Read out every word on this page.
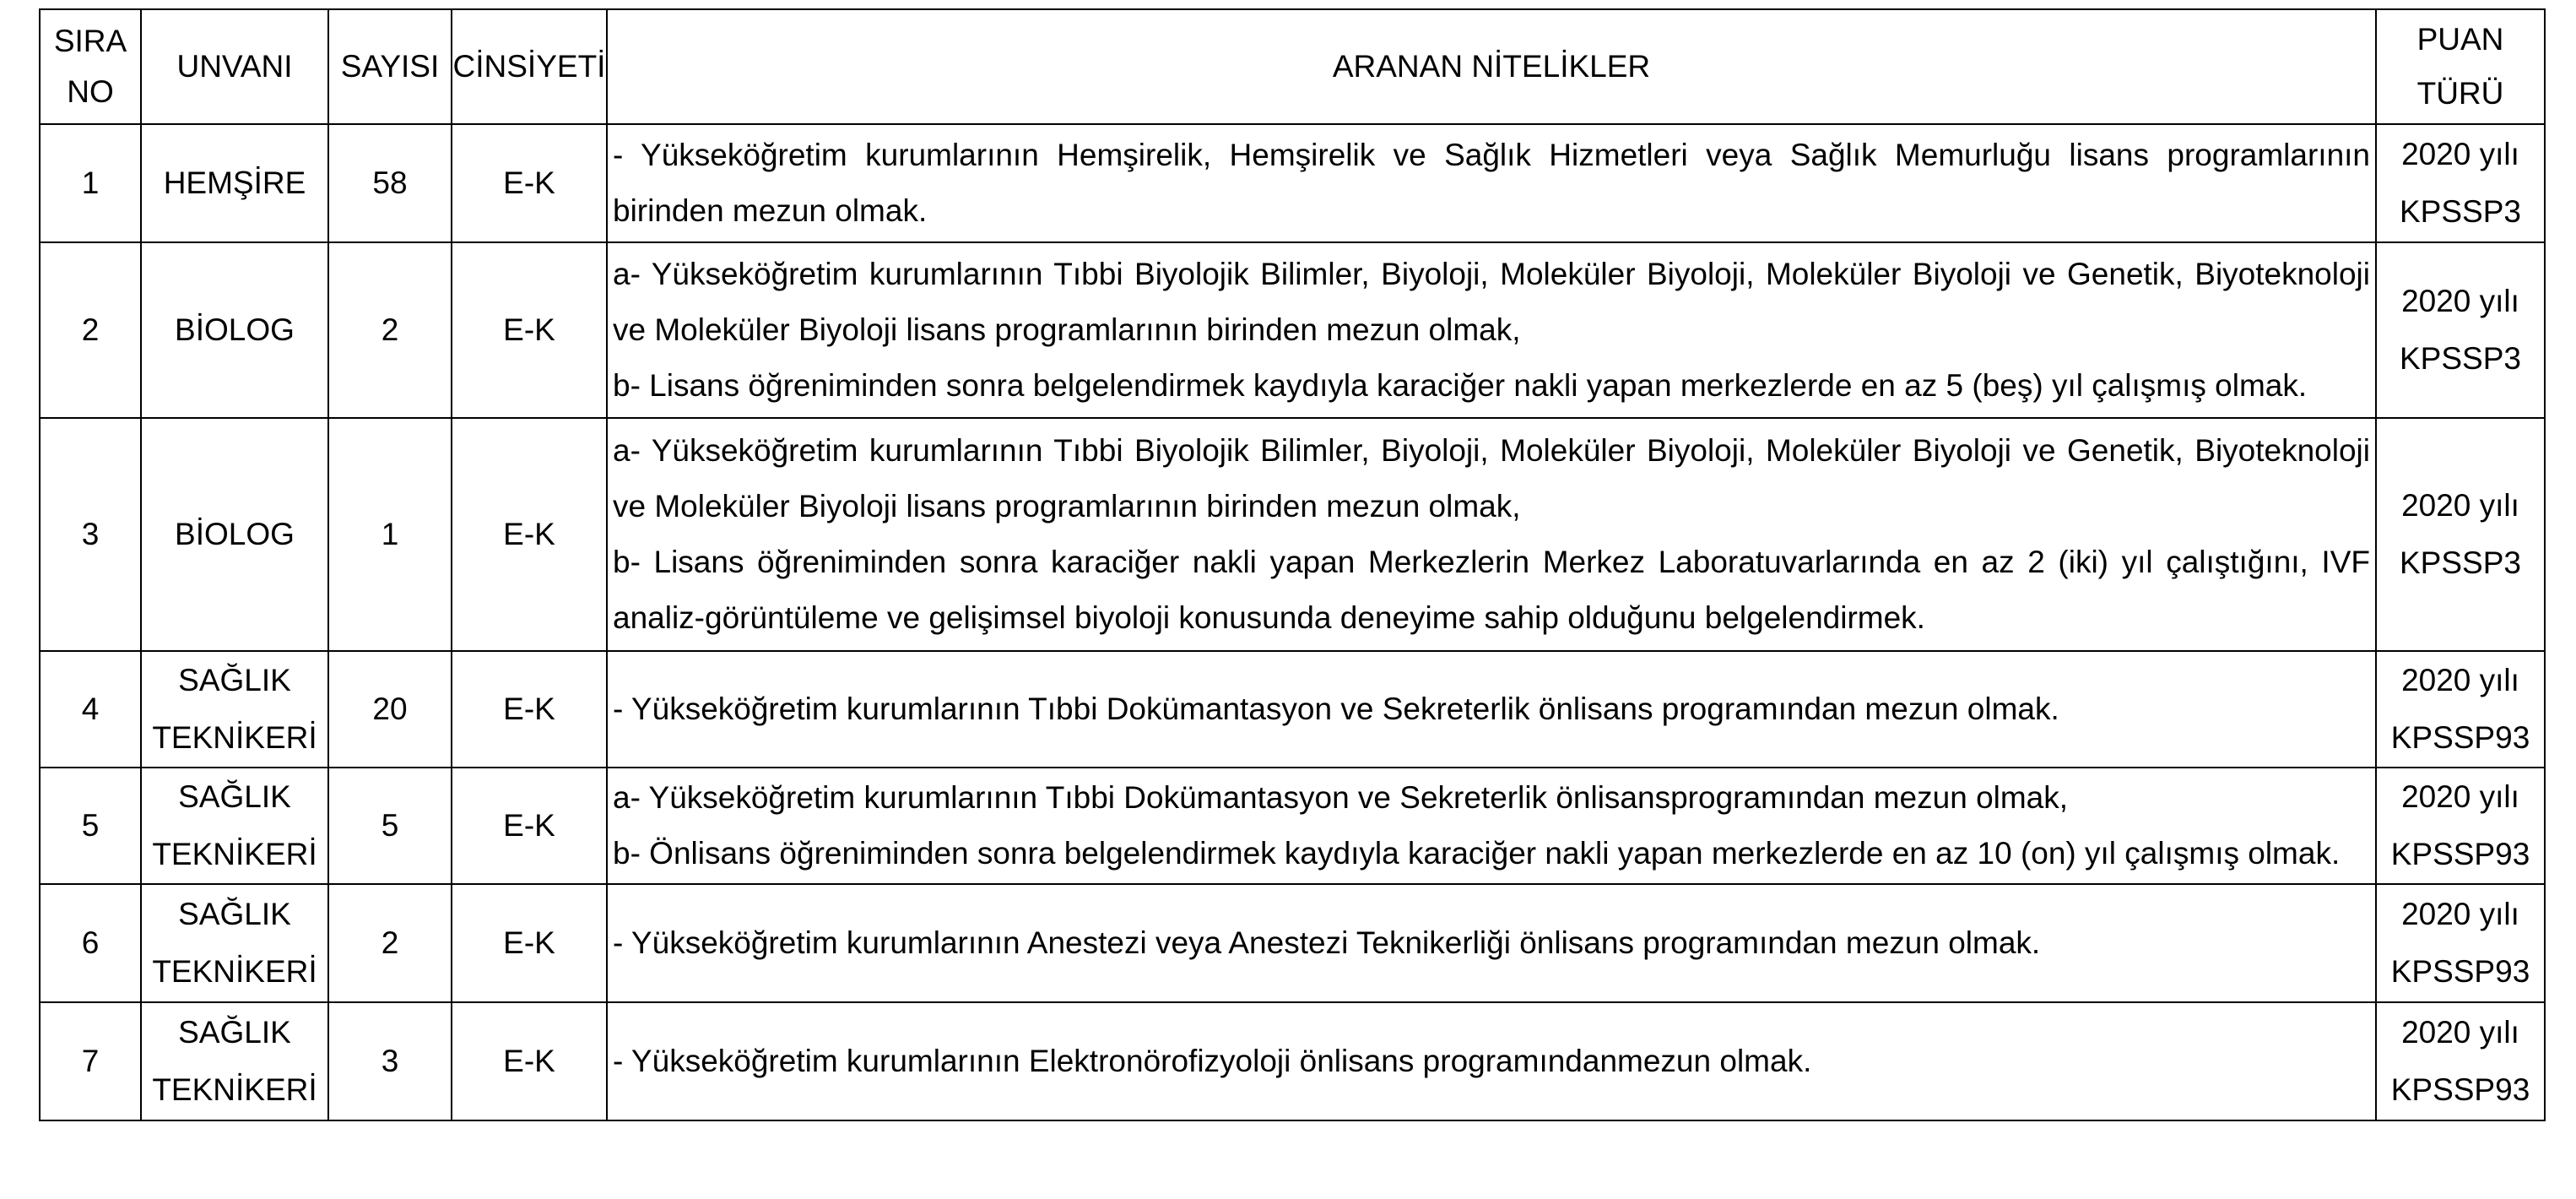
SIRA NO	UNVANI	SAYISI	CİNSİYETİ	ARANAN NİTELİKLER	PUAN TÜRÜ
1	HEMŞİRE	58	E-K	- Yükseköğretim kurumlarının Hemşirelik, Hemşirelik ve Sağlık Hizmetleri veya Sağlık Memurluğu lisans programlarının birinden mezun olmak.	2020 yılı
KPSSP3

2	BİOLOG	2	E-K	a- Yükseköğretim kurumlarının Tıbbi Biyolojik Bilimler, Biyoloji, Moleküler Biyoloji, Moleküler Biyoloji ve Genetik, Biyoteknoloji ve Moleküler Biyoloji lisans programlarının birinden mezun olmak,
b- Lisans öğreniminden sonra belgelendirmek kaydıyla karaciğer nakli yapan merkezlerde en az 5 (beş) yıl çalışmış olmak.	2020 yılı
KPSSP3

3	BİOLOG	1	E-K	a- Yükseköğretim kurumlarının Tıbbi Biyolojik Bilimler, Biyoloji, Moleküler Biyoloji, Moleküler Biyoloji ve Genetik, Biyoteknoloji ve Moleküler Biyoloji lisans programlarının birinden mezun olmak,
b- Lisans öğreniminden sonra karaciğer nakli yapan Merkezlerin Merkez Laboratuvarlarında en az 2 (iki) yıl çalıştığını, IVF analiz-görüntüleme ve gelişimsel biyoloji konusunda deneyime sahip olduğunu belgelendirmek.	2020 yılı
KPSSP3

4	SAĞLIK TEKNİKERİ	20	E-K	- Yükseköğretim kurumlarının Tıbbi Dokümantasyon ve Sekreterlik önlisans programından mezun olmak.	2020 yılı
KPSSP93

5	SAĞLIK TEKNİKERİ	5	E-K	a- Yükseköğretim kurumlarının Tıbbi Dokümantasyon ve Sekreterlik önlisansprogramından mezun olmak,
b- Önlisans öğreniminden sonra belgelendirmek kaydıyla karaciğer nakli yapan merkezlerde en az 10 (on) yıl çalışmış olmak.	2020 yılı
KPSSP93

6	SAĞLIK TEKNİKERİ	2	E-K	- Yükseköğretim kurumlarının Anestezi veya Anestezi Teknikerliği önlisans programından mezun olmak.	2020 yılı
KPSSP93

7	SAĞLIK TEKNİKERİ	3	E-K	- Yükseköğretim kurumlarının Elektronörofizyoloji önlisans programındanmezun olmak.	2020 yılı
KPSSP93
